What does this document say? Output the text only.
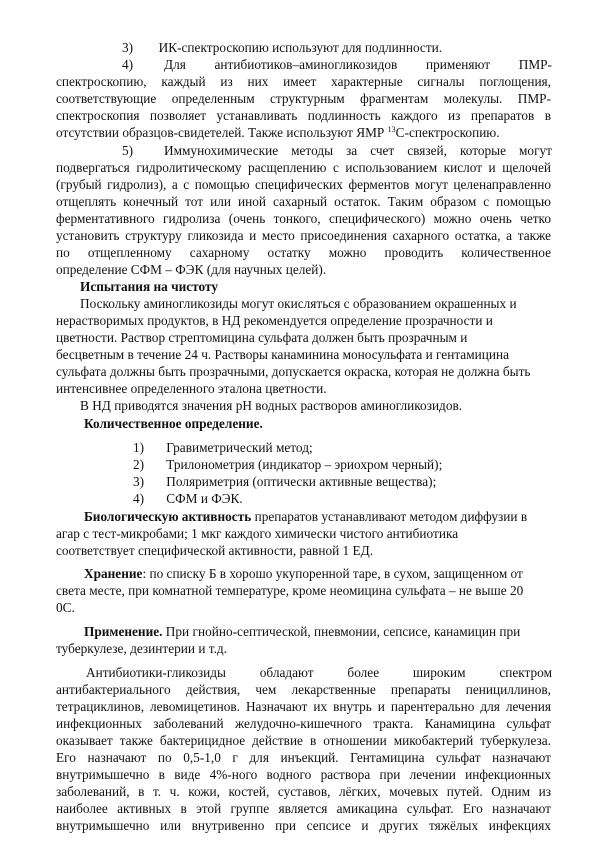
3) ИК-спектроскопию используют для подлинности.
4)	Для антибиотиков–аминогликозидов применяют ПМР-
спектроскопию, каждый из них имеет характерные сигналы поглощения,
соответствующие определенным структурным фрагментам молекулы. ПМР-
спектроскопия позволяет устанавливать подлинность каждого из препаратов в
отсутствии образцов-свидетелей. Также используют ЯМР $^{13}$С-спектроскопию.
5)	Иммунохимические методы за счет связей, которые могут
подвергаться гидролитическому расщеплению с использованием кислот и щелочей
(грубый гидролиз), а с помощью специфических ферментов могут целенаправленно
отщеплять конечный тот или иной сахарный остаток. Таким образом с помощью
ферментативного гидролиза (очень тонкого, специфического) можно очень четко
установить структуру гликозида и место присоединения сахарного остатка, а также
по отщепленному сахарному остатку можно проводить количественное
определение СФМ – ФЭК (для научных целей).
Испытания на чистоту
Поскольку аминогликозиды могут окисляться с образованием окрашенных и
нерастворимых продуктов, в НД рекомендуется определение прозрачности и
цветности. Раствор стрептомицина сульфата должен быть прозрачным и
бесцветным в течение 24 ч. Растворы канаминина моносульфата и гентамицина
сульфата должны быть прозрачными, допускается окраска, которая не должна быть
интенсивнее определенного эталона цветности.
В НД приводятся значения рН водных растворов аминогликозидов.
Количественное определение.
1) Гравиметрический метод;
2) Трилонометрия (индикатор – эриохром черный);
3) Поляриметрия (оптически активные вещества);
4) СФМ и ФЭК.
Биологическую активность препаратов устанавливают методом диффузии в
агар с тест-микробами; 1 мкг каждого химически чистого антибиотика
соответствует специфической активности, равной 1 ЕД.
Хранение: по списку Б в хорошо укупоренной таре, в сухом, защищенном от
света месте, при комнатной температуре, кроме неомицина сульфата – не выше 20
0С.
Применение. При гнойно-септической, пневмонии, сепсисе, канамицин при
туберкулезе, дезинтерии и т.д.
Антибиотики-гликозиды обладают более широким спектром
антибактериального действия, чем лекарственные препараты пенициллинов,
тетрациклинов, левомицетинов. Назначают их внутрь и парентерально для лечения
инфекционных заболеваний желудочно-кишечного тракта. Канамицина сульфат
оказывает также бактерицидное действие в отношении микобактерий туберкулеза.
Его назначают по 0,5-1,0 г для инъекций. Гентамицина сульфат назначают
внутримышечно в виде 4%-ного водного раствора при лечении инфекционных
заболеваний, в т. ч. кожи, костей, суставов, лёгких, мочевых путей. Одним из
наиболее активных в этой группе является амикацина сульфат. Его назначают
внутримышечно или внутривенно при сепсисе и других тяжёлых инфекциях
